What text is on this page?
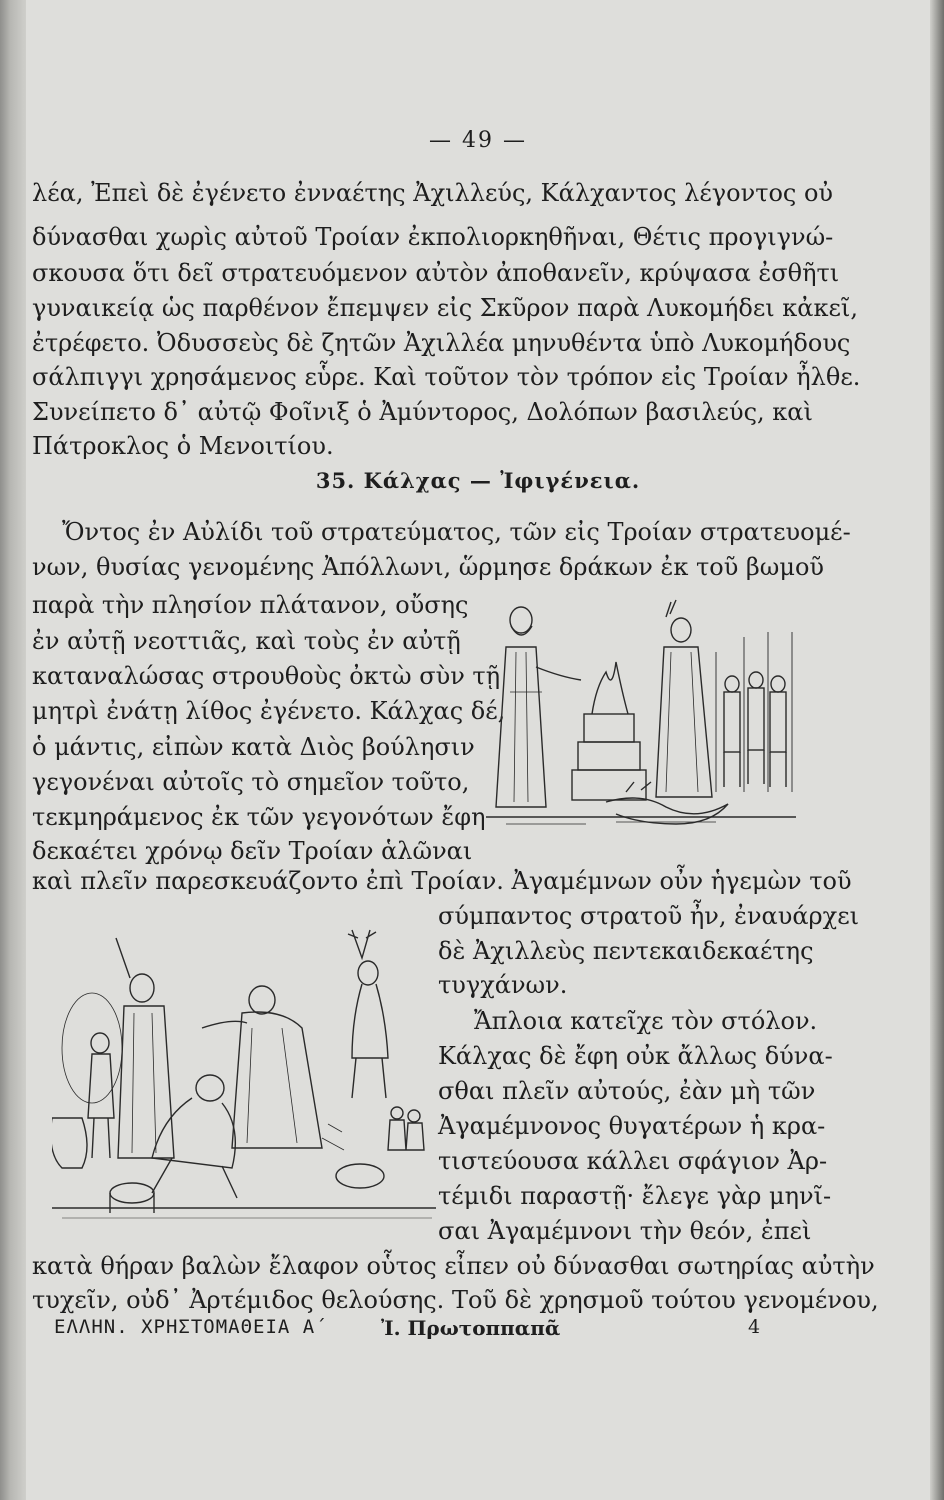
— 49 —
λέα, Ἐπεὶ δὲ ἐγένετο ἐνναέτης Ἀχιλλεύς, Κάλχαντος λέγοντος οὐ
δύνασθαι χωρὶς αὐτοῦ Τροίαν ἐκπολιορκηθῆναι, Θέτις προγιγνώ-
σκουσα ὅτι δεῖ στρατευόμενον αὐτὸν ἀποθανεῖν, κρύψασα ἐσθῆτι
γυναικείᾳ ὡς παρθένον ἔπεμψεν εἰς Σκῦρον παρὰ Λυκομήδει κἀκεῖ,
ἐτρέφετο. Ὀδυσσεὺς δὲ ζητῶν Ἀχιλλέα μηνυθέντα ὑπὸ Λυκομήδους
σάλπιγγι χρησάμενος εὗρε. Καὶ τοῦτον τὸν τρόπον εἰς Τροίαν ἦλθε.
Συνείπετο δ᾽ αὐτῷ Φοῖνιξ ὁ Ἀμύντορος, Δολόπων βασιλεύς, καὶ
Πάτροκλος ὁ Μενοιτίου.
35. Κάλχας — Ἰφιγένεια.
Ὄντος ἐν Αὐλίδι τοῦ στρατεύματος, τῶν εἰς Τροίαν στρατευομέ-
νων, θυσίας γενομένης Ἀπόλλωνι, ὥρμησε δράκων ἐκ τοῦ βωμοῦ
παρὰ τὴν πλησίον πλάτανον, οὔσης
ἐν αὐτῇ νεοττιᾶς, καὶ τοὺς ἐν αὐτῇ
καταναλώσας στρουθοὺς ὀκτὼ σὺν τῇ
μητρὶ ἐνάτῃ λίθος ἐγένετο. Κάλχας δέ,
ὁ μάντις, εἰπὼν κατὰ Διὸς βούλησιν
γεγονέναι αὐτοῖς τὸ σημεῖον τοῦτο,
τεκμηράμενος ἐκ τῶν γεγονότων ἔφη
δεκαέτει χρόνῳ δεῖν Τροίαν ἁλῶναι
καὶ πλεῖν παρεσκευάζοντο ἐπὶ Τροίαν. Ἀγαμέμνων οὖν ἡγεμὼν τοῦ
σύμπαντος στρατοῦ ἦν, ἐναυάρχει
δὲ Ἀχιλλεὺς πεντεκαιδεκαέτης
τυγχάνων.
Ἄπλοια κατεῖχε τὸν στόλον.
Κάλχας δὲ ἔφη οὐκ ἄλλως δύνα-
σθαι πλεῖν αὐτούς, ἐὰν μὴ τῶν
Ἀγαμέμνονος θυγατέρων ἡ κρα-
τιστεύουσα κάλλει σφάγιον Ἀρ-
τέμιδι παραστῇ· ἔλεγε γὰρ μηνῖ-
σαι Ἀγαμέμνονι τὴν θεόν, ἐπεὶ
κατὰ θήραν βαλὼν ἔλαφον οὗτος εἶπεν οὐ δύνασθαι σωτηρίας αὐτὴν
τυχεῖν, οὐδ᾽ Ἀρτέμιδος θελούσης. Τοῦ δὲ χρησμοῦ τούτου γενομένου,
ΕΛΛΗΝ. ΧΡΗΣΤΟΜΑΘΕΙΑ Α΄	Ἰ. Πρωτοππαπᾶ	4
